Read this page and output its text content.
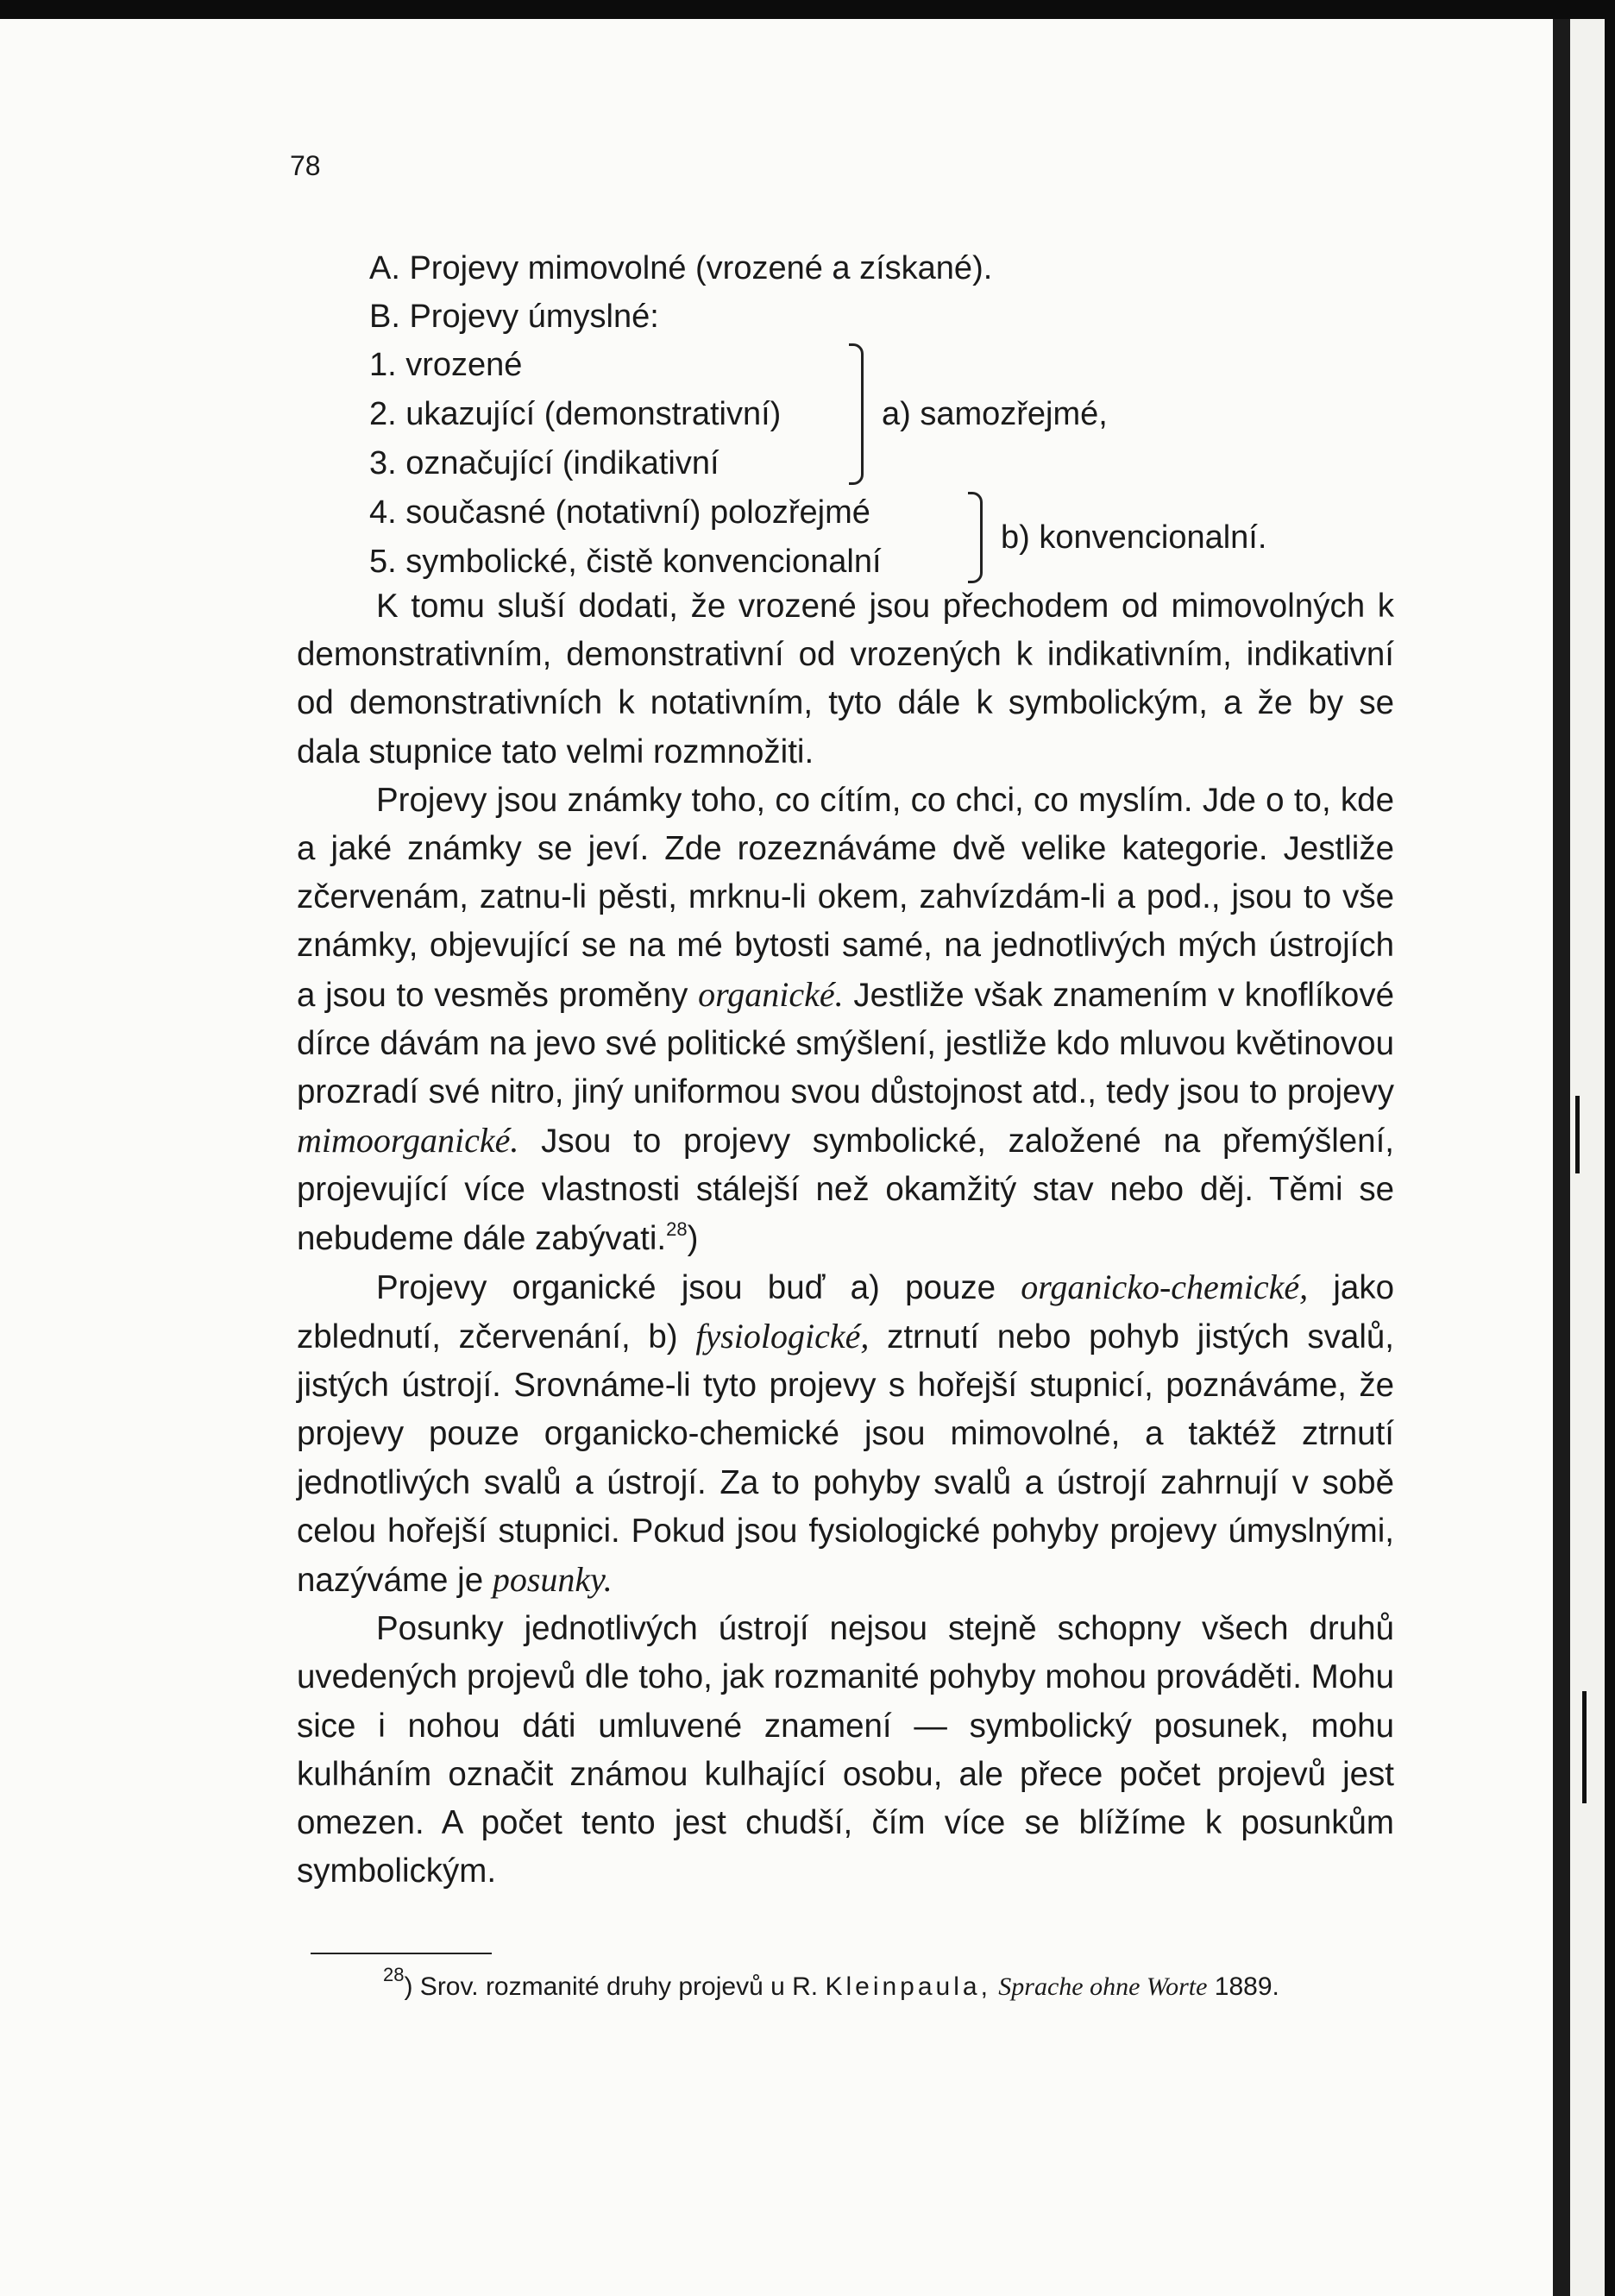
78
A. Projevy mimovolné (vrozené a získané).
B. Projevy úmyslné:
1. vrozené
2. ukazující (demonstrativní)
3. označující (indikativní
4. současné (notativní) polozřejmé
5. symbolické, čistě konvencionalní
a) samozřejmé,
b) konvencionalní.

K tomu sluší dodati, že vrozené jsou přechodem od mimovolných k demonstrativním, demonstrativní od vrozených k indikativním, indikativní od demonstrativních k notativním, tyto dále k symbolickým, a že by se dala stupnice tato velmi rozmnožiti.

Projevy jsou známky toho, co cítím, co chci, co myslím. Jde o to, kde a jaké známky se jeví. Zde rozeznáváme dvě velike kategorie. Jestliže zčervenám, zatnu-li pěsti, mrknu-li okem, zahvízdám-li a pod., jsou to vše známky, objevující se na mé bytosti samé, na jednotlivých mých ústrojích a jsou to vesměs proměny organické. Jestliže však znamením v knoflíkové dírce dávám na jevo své politické smýšlení, jestliže kdo mluvou květinovou prozradí své nitro, jiný uniformou svou důstojnost atd., tedy jsou to projevy mimoorganické. Jsou to projevy symbolické, založené na přemýšlení, projevující více vlastnosti stálejší než okamžitý stav nebo děj. Těmi se nebudeme dále zabývati.$^{28}$)

Projevy organické jsou buď a) pouze organicko-chemické, jako zblednutí, zčervenání, b) fysiologické, ztrnutí nebo pohyb jistých svalů, jistých ústrojí. Srovnáme-li tyto projevy s hořejší stupnicí, poznáváme, že projevy pouze organicko-chemické jsou mimovolné, a taktéž ztrnutí jednotlivých svalů a ústrojí. Za to pohyby svalů a ústrojí zahrnují v sobě celou hořejší stupnici. Pokud jsou fysiologické pohyby projevy úmyslnými, nazýváme je posunky.

Posunky jednotlivých ústrojí nejsou stejně schopny všech druhů uvedených projevů dle toho, jak rozmanité pohyby mohou prováděti. Mohu sice i nohou dáti umluvené znamení — symbolický posunek, mohu kulháním označit známou kulhající osobu, ale přece počet projevů jest omezen. A počet tento jest chudší, čím více se blížíme k posunkům symbolickým.

$^{28}$) Srov. rozmanité druhy projevů u R. Kleinpaula, Sprache ohne Worte 1889.
